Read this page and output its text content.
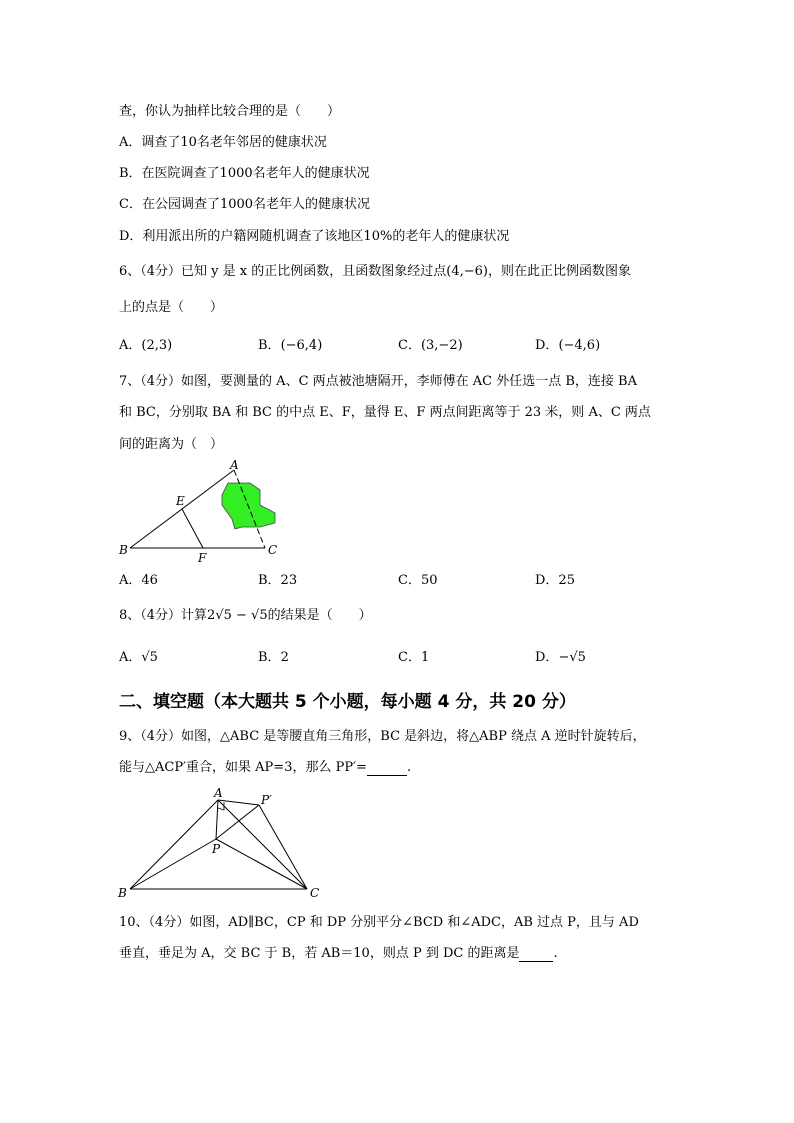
查，你认为抽样比较合理的是（　　）
A．调查了10名老年邻居的健康状况
B．在医院调查了1000名老年人的健康状况
C．在公园调查了1000名老年人的健康状况
D．利用派出所的户籍网随机调查了该地区10%的老年人的健康状况
6、（4分）已知 y 是 x 的正比例函数，且函数图象经过点(4,−6)，则在此正比例函数图象
上的点是（　　）
A．(2,3)	B．(−6,4)	C．(3,−2)	D．(−4,6)
7、（4分）如图，要测量的 A、C 两点被池塘隔开，李师傅在 AC 外任选一点 B，连接 BA
和 BC，分别取 BA 和 BC 的中点 E、F，量得 E、F 两点间距离等于 23 米，则 A、C 两点
间的距离为（　）
A
E
B
F
C
A．46	B．23	C．50	D．25
8、（4分）计算2√5 − √5的结果是（　　）
A．√5	B．2	C．1	D．−√5
二、填空题（本大题共 5 个小题，每小题 4 分，共 20 分）
9、（4分）如图，△ABC 是等腰直角三角形，BC 是斜边，将△ABP 绕点 A 逆时针旋转后，
能与△ACP′重合，如果 AP=3，那么 PP′=	.
A	P′
P
B	C
10、（4分）如图，AD∥BC，CP 和 DP 分别平分∠BCD 和∠ADC，AB 过点 P，且与 AD
垂直，垂足为 A，交 BC 于 B，若 AB＝10，则点 P 到 DC 的距离是	.
